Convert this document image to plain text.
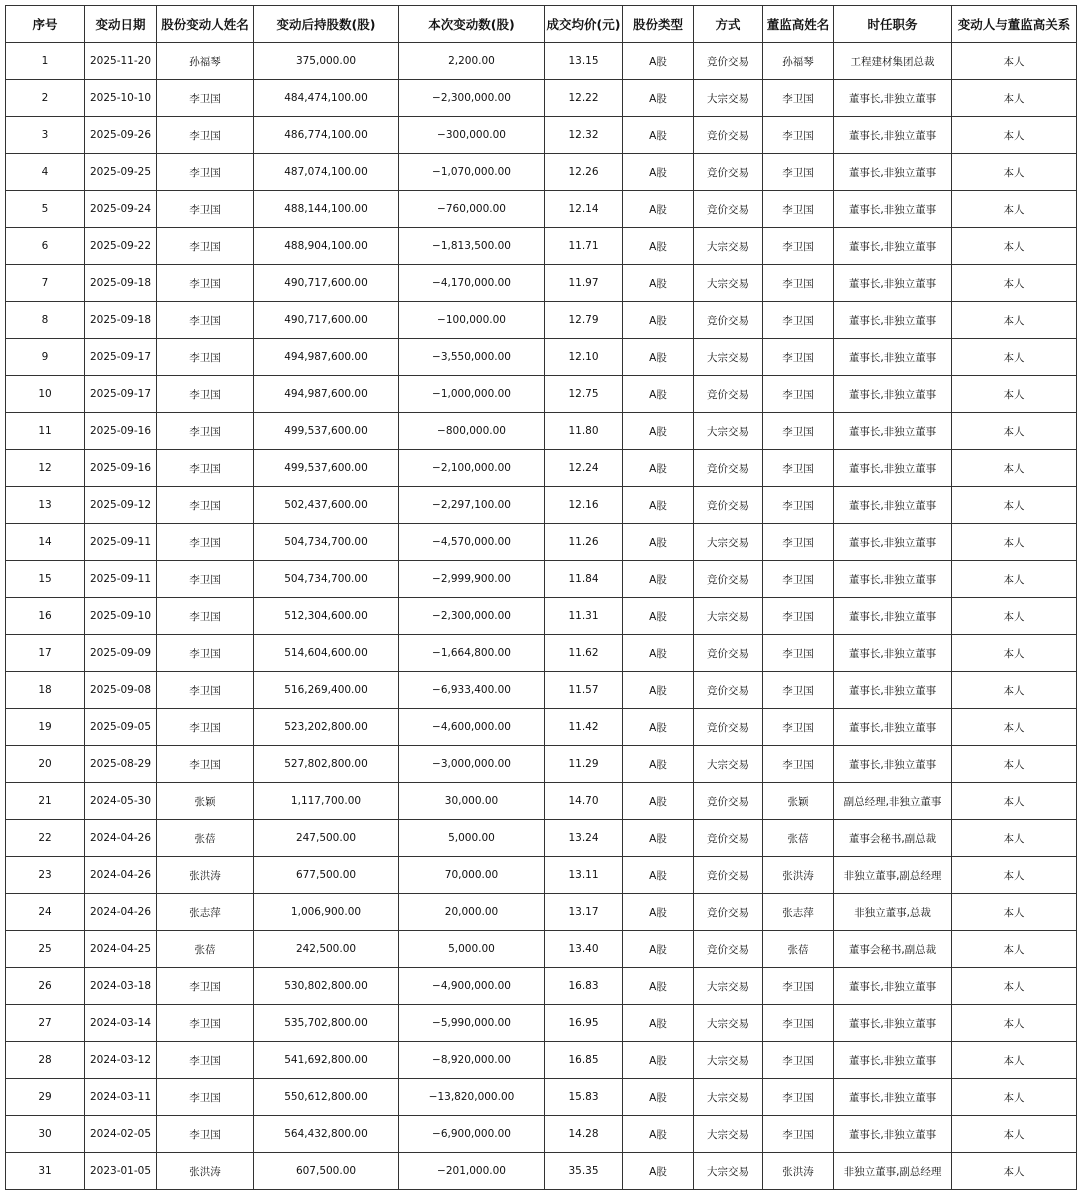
序号	变动日期	股份变动人姓名	变动后持股数(股)	本次变动数(股)	成交均价(元)	股份类型	方式	董监高姓名	时任职务	变动人与董监高关系
1	2025-11-20	孙福琴	375,000.00	2,200.00	13.15	A股	竞价交易	孙福琴	工程建材集团总裁	本人
2	2025-10-10	李卫国	484,474,100.00	−2,300,000.00	12.22	A股	大宗交易	李卫国	董事长,非独立董事	本人
3	2025-09-26	李卫国	486,774,100.00	−300,000.00	12.32	A股	竞价交易	李卫国	董事长,非独立董事	本人
4	2025-09-25	李卫国	487,074,100.00	−1,070,000.00	12.26	A股	竞价交易	李卫国	董事长,非独立董事	本人
5	2025-09-24	李卫国	488,144,100.00	−760,000.00	12.14	A股	竞价交易	李卫国	董事长,非独立董事	本人
6	2025-09-22	李卫国	488,904,100.00	−1,813,500.00	11.71	A股	大宗交易	李卫国	董事长,非独立董事	本人
7	2025-09-18	李卫国	490,717,600.00	−4,170,000.00	11.97	A股	大宗交易	李卫国	董事长,非独立董事	本人
8	2025-09-18	李卫国	490,717,600.00	−100,000.00	12.79	A股	竞价交易	李卫国	董事长,非独立董事	本人
9	2025-09-17	李卫国	494,987,600.00	−3,550,000.00	12.10	A股	大宗交易	李卫国	董事长,非独立董事	本人
10	2025-09-17	李卫国	494,987,600.00	−1,000,000.00	12.75	A股	竞价交易	李卫国	董事长,非独立董事	本人
11	2025-09-16	李卫国	499,537,600.00	−800,000.00	11.80	A股	大宗交易	李卫国	董事长,非独立董事	本人
12	2025-09-16	李卫国	499,537,600.00	−2,100,000.00	12.24	A股	竞价交易	李卫国	董事长,非独立董事	本人
13	2025-09-12	李卫国	502,437,600.00	−2,297,100.00	12.16	A股	竞价交易	李卫国	董事长,非独立董事	本人
14	2025-09-11	李卫国	504,734,700.00	−4,570,000.00	11.26	A股	大宗交易	李卫国	董事长,非独立董事	本人
15	2025-09-11	李卫国	504,734,700.00	−2,999,900.00	11.84	A股	竞价交易	李卫国	董事长,非独立董事	本人
16	2025-09-10	李卫国	512,304,600.00	−2,300,000.00	11.31	A股	大宗交易	李卫国	董事长,非独立董事	本人
17	2025-09-09	李卫国	514,604,600.00	−1,664,800.00	11.62	A股	竞价交易	李卫国	董事长,非独立董事	本人
18	2025-09-08	李卫国	516,269,400.00	−6,933,400.00	11.57	A股	竞价交易	李卫国	董事长,非独立董事	本人
19	2025-09-05	李卫国	523,202,800.00	−4,600,000.00	11.42	A股	竞价交易	李卫国	董事长,非独立董事	本人
20	2025-08-29	李卫国	527,802,800.00	−3,000,000.00	11.29	A股	大宗交易	李卫国	董事长,非独立董事	本人
21	2024-05-30	张颖	1,117,700.00	30,000.00	14.70	A股	竞价交易	张颖	副总经理,非独立董事	本人
22	2024-04-26	张蓓	247,500.00	5,000.00	13.24	A股	竞价交易	张蓓	董事会秘书,副总裁	本人
23	2024-04-26	张洪涛	677,500.00	70,000.00	13.11	A股	竞价交易	张洪涛	非独立董事,副总经理	本人
24	2024-04-26	张志萍	1,006,900.00	20,000.00	13.17	A股	竞价交易	张志萍	非独立董事,总裁	本人
25	2024-04-25	张蓓	242,500.00	5,000.00	13.40	A股	竞价交易	张蓓	董事会秘书,副总裁	本人
26	2024-03-18	李卫国	530,802,800.00	−4,900,000.00	16.83	A股	大宗交易	李卫国	董事长,非独立董事	本人
27	2024-03-14	李卫国	535,702,800.00	−5,990,000.00	16.95	A股	大宗交易	李卫国	董事长,非独立董事	本人
28	2024-03-12	李卫国	541,692,800.00	−8,920,000.00	16.85	A股	大宗交易	李卫国	董事长,非独立董事	本人
29	2024-03-11	李卫国	550,612,800.00	−13,820,000.00	15.83	A股	大宗交易	李卫国	董事长,非独立董事	本人
30	2024-02-05	李卫国	564,432,800.00	−6,900,000.00	14.28	A股	大宗交易	李卫国	董事长,非独立董事	本人
31	2023-01-05	张洪涛	607,500.00	−201,000.00	35.35	A股	大宗交易	张洪涛	非独立董事,副总经理	本人
